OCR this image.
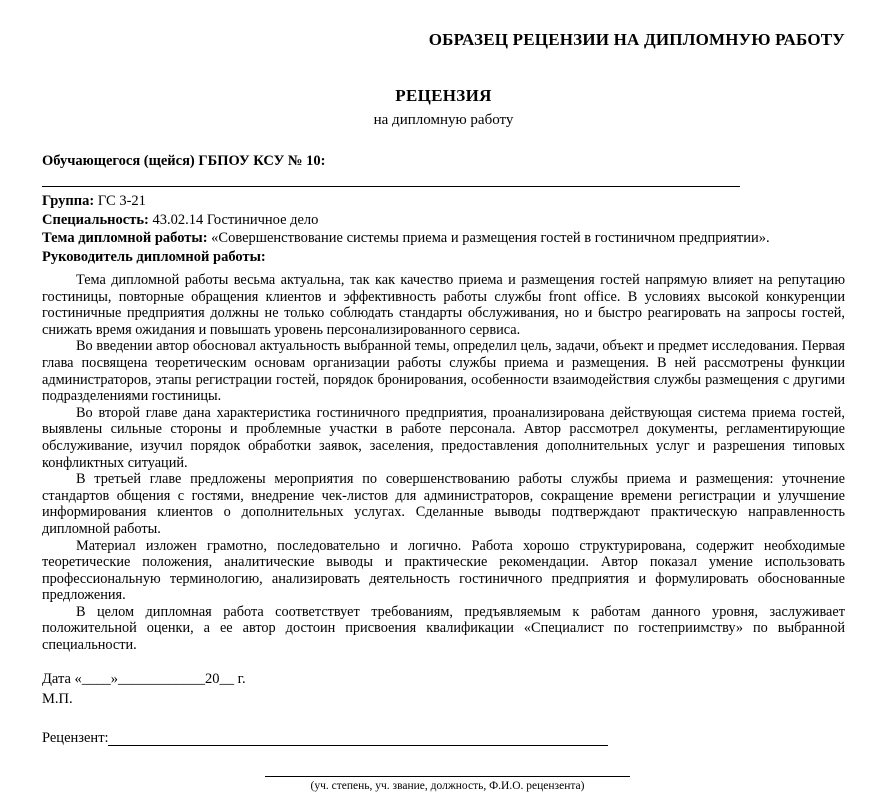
ОБРАЗЕЦ РЕЦЕНЗИИ НА ДИПЛОМНУЮ РАБОТУ
РЕЦЕНЗИЯ
на дипломную работу
Обучающегося (щейся) ГБПОУ КСУ № 10:
Группа: ГС 3-21
Специальность: 43.02.14 Гостиничное дело
Тема дипломной работы: «Совершенствование системы приема и размещения гостей в гостиничном предприятии».
Руководитель дипломной работы:

Тема дипломной работы весьма актуальна, так как качество приема и размещения гостей напрямую влияет на репутацию гостиницы, повторные обращения клиентов и эффективность работы службы front office. В условиях высокой конкуренции гостиничные предприятия должны не только соблюдать стандарты обслуживания, но и быстро реагировать на запросы гостей, снижать время ожидания и повышать уровень персонализированного сервиса.

Во введении автор обосновал актуальность выбранной темы, определил цель, задачи, объект и предмет исследования. Первая глава посвящена теоретическим основам организации работы службы приема и размещения. В ней рассмотрены функции администраторов, этапы регистрации гостей, порядок бронирования, особенности взаимодействия службы размещения с другими подразделениями гостиницы.

Во второй главе дана характеристика гостиничного предприятия, проанализирована действующая система приема гостей, выявлены сильные стороны и проблемные участки в работе персонала. Автор рассмотрел документы, регламентирующие обслуживание, изучил порядок обработки заявок, заселения, предоставления дополнительных услуг и разрешения типовых конфликтных ситуаций.

В третьей главе предложены мероприятия по совершенствованию работы службы приема и размещения: уточнение стандартов общения с гостями, внедрение чек-листов для администраторов, сокращение времени регистрации и улучшение информирования клиентов о дополнительных услугах. Сделанные выводы подтверждают практическую направленность дипломной работы.

Материал изложен грамотно, последовательно и логично. Работа хорошо структурирована, содержит необходимые теоретические положения, аналитические выводы и практические рекомендации. Автор показал умение использовать профессиональную терминологию, анализировать деятельность гостиничного предприятия и формулировать обоснованные предложения.

В целом дипломная работа соответствует требованиям, предъявляемым к работам данного уровня, заслуживает положительной оценки, а ее автор достоин присвоения квалификации «Специалист по гостеприимству» по выбранной специальности.

Дата «____»____________20__ г.
М.П.
Рецензент:
(уч. степень, уч. звание, должность, Ф.И.О. рецензента)
